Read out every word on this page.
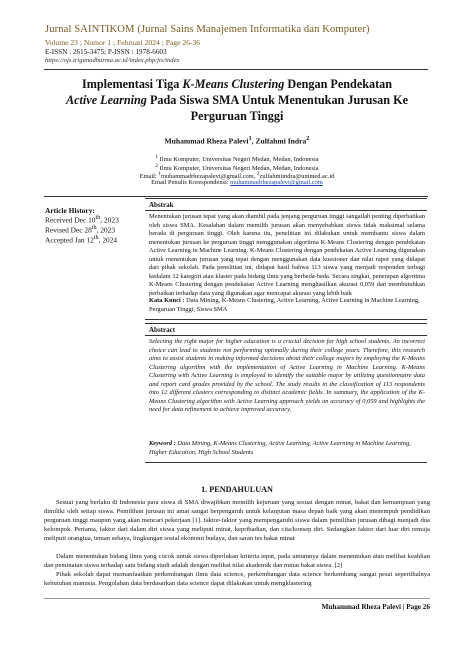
Jurnal SAINTIKOM (Jurnal Sains Manajemen Informatika dan Komputer)
Volume 23 ; Nomor 1 ; Februari 2024 ; Page 26-36
E-ISSN : 2615-3475; P-ISSN : 1978-6603
https://ojs.trigunadharma.ac.id/index.php/jis/index
Implementasi Tiga K-Means Clustering Dengan Pendekatan
Active Learning Pada Siswa SMA Untuk Menentukan Jurusan Ke
Perguruan Tinggi
Muhammad Rheza Palevi$^1$, Zulfahmi Indra$^2$
$^1$ Ilmu Komputer, Universitas Negeri Medan, Medan, Indonesia
$^2$ Ilmu Komputer, Universitas Negeri Medan, Medan, Indonesia
Email: $^1$muhammadrhezapalevi@gmail.com, $^2$zulfahmiindra@unimed.ac.id
Email Penulis Korespondensi: muhammadrhezapalevi@gmail.com
Article History:
Received Dec 10th, 2023
Revised Dec 28th, 2023
Accepted Jan 12th, 2024
Abstrak

Menentukan jurusan tepat yang akan diambil pada jenjang perguruan tinggi sangatlah penting diperhatikan oleh siswa SMA. Kesalahan dalam memilih jurusan akan menyebabkan siswa tidak maksimal selama berada di perguruan tinggi. Oleh karena itu, penelitian ini dilakukan untuk membantu siswa dalam menentukan jurusan ke perguruan tinggi menggunakan algoritma K-Means Clustering dengan pendekatan Active Learning in Machine Learning. K-Means Clustering dengan pendekatan Active Learning digunakan untuk menentukan jurusan yang tepat dengan menggunakan data kuesioner dan nilai rapot yang didapat dari pihak sekolah. Pada penelitian ini, didapat hasil bahwa 113 siswa yang menjadi responden terbagi kedalam 12 kategori atau klaster pada bidang ilmu yang berbeda-beda. Secara singkat, penerapan algoritma K-Means Clustering dengan pendekatan Active Learning menghasilkan akurasi 0,059 dan membutuhkan perbaikan terhadap data yang digunakan agar mencapai akurasi yang lebih baik

Kata Kunci : Data Mining, K-Means Clustering, Active Learning, Active Learning in Machine Learning, Perguruan Tinggi, Siswa SMA
Abstract

Selecting the right major for higher education is a crucial decision for high school students. An incorrect choice can lead to students not performing optimally during their college years. Therefore, this research aims to assist students in making informed decisions about their college majors by employing the K-Means Clustering algorithm with the implementation of Active Learning in Machine Learning. K-Means Clustering with Active Learning is employed to identify the suitable major by utilizing questionnaire data and report card grades provided by the school. The study results in the classification of 113 respondents into 12 different clusters corresponding to distinct academic fields. In summary, the application of the K-Means Clustering algorithm with Active Learning approach yields an accuracy of 0,059 and highlights the need for data refinement to achieve improved accuracy.

Keyword : Data Mining, K-Means Clustering, Active Learning, Active Learning in Machine Learning, Higher Education, High School Students
1. PENDAHULUAN

Sesuai yang berlaku di Indonesia para siswa di SMA diwajibkan memilih kejuruan yang sesuai dengan minat, bakat dan kemampuan yang dimiliki oleh setiap siswa. Pemilihan jurusan ini amat sangat berpengaruh untuk kelanjutan masa depan baik yang akan menempuh pendidikan perguruan tinggi maupun yang akan mencari pekerjaan [1]. faktor-faktor yang mempengaruhi siswa dalam pemilihan jurusan dibagi menjadi dua kelompok. Pertama, faktor dari dalam diri siswa yang meliputi minat, kepribadian, dan cita/konsep diri. Sedangkan faktor dari luar diri remaja meliputi orangtua, teman sebaya, lingkungan sosial ekonomi budaya, dan saran tes bakat minat

Dalam menentukan bidang ilmu yang cocok untuk siswa diperlukan kriteria tepat, pada umumnya dalam menentukan atau melihat keahlian dan peminatan siswa terhadap satu bidang studi adalah dengan melihat nilai akademik dan minat bakat siswa. [2]

Pihak sekolah dapat memanfaatkan perkembangan ilmu data science, perkembangan data science berkembang sangat pesat sepertihalnya kebutuhan manusia. Pengolahan data berdasarkan data science dapat dilakukan untuk mengklastering

Muhammad Rheza Palevi | Page 26
